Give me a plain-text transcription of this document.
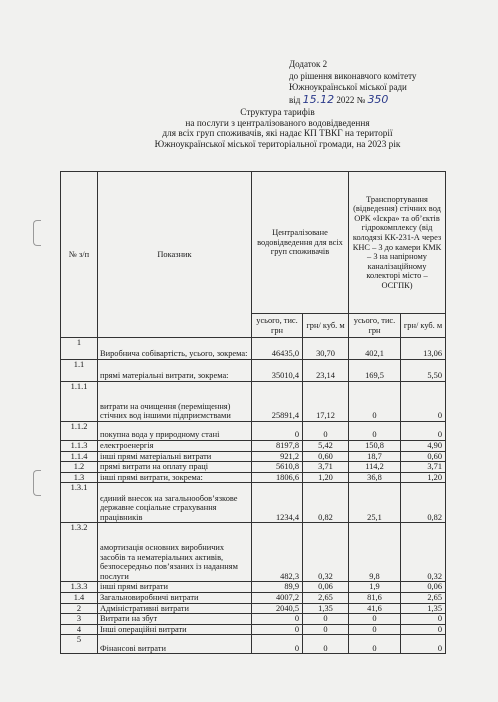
Додаток 2
до рішення виконавчого комітету
Южноукраїнської міської ради
від 15.12 2022 № 350
Структура тарифів
на послуги з централізованого водовідведення
для всіх груп споживачів, які надає КП ТВКГ на території
Южноукраїнської міської територіальної громади, на 2023 рік
№ з/п	Показник	Централізоване водовідведення для всіх груп споживачів		Транспортування (відведення) стічних вод ОРК «Іскра» та об’єктів гідрокомплексу (від колодязі КК-231-А через КНС – 3 до камери КМК – 3 на напірному каналізаційному колекторі місто – ОСГПК)	
		усього, тис. грн	грн/ куб. м	усього, тис. грн	грн/ куб. м
1	Виробнича собівартість, усього, зокрема:	46435,0	30,70	402,1	13,06
1.1	прямі матеріальні витрати, зокрема:	35010,4	23,14	169,5	5,50
1.1.1	витрати на очищення (переміщення) стічних вод іншими підприємствами	25891,4	17,12	0	0
1.1.2	покупна вода у природному стані	0	0	0	0
1.1.3	електроенергія	8197,8	5,42	150,8	4,90
1.1.4	інші прямі матеріальні витрати	921,2	0,60	18,7	0,60
1.2	прямі витрати на оплату праці	5610,8	3,71	114,2	3,71
1.3	інші прямі витрати, зокрема:	1806,6	1,20	36,8	1,20
1.3.1	єдиний внесок на загальнообов’язкове державне соціальне страхування працівників	1234,4	0,82	25,1	0,82
1.3.2	амортизація основних виробничих засобів та нематеріальних активів, безпосередньо пов’язаних із наданням послуги	482,3	0,32	9,8	0,32
1.3.3	інші прямі витрати	89,9	0,06	1,9	0,06
1.4	Загальновиробничі витрати	4007,2	2,65	81,6	2,65
2	Адміністративні витрати	2040,5	1,35	41,6	1,35
3	Витрати на збут	0	0	0	0
4	Інші операційні витрати	0	0	0	0
5	Фінансові витрати	0	0	0	0
